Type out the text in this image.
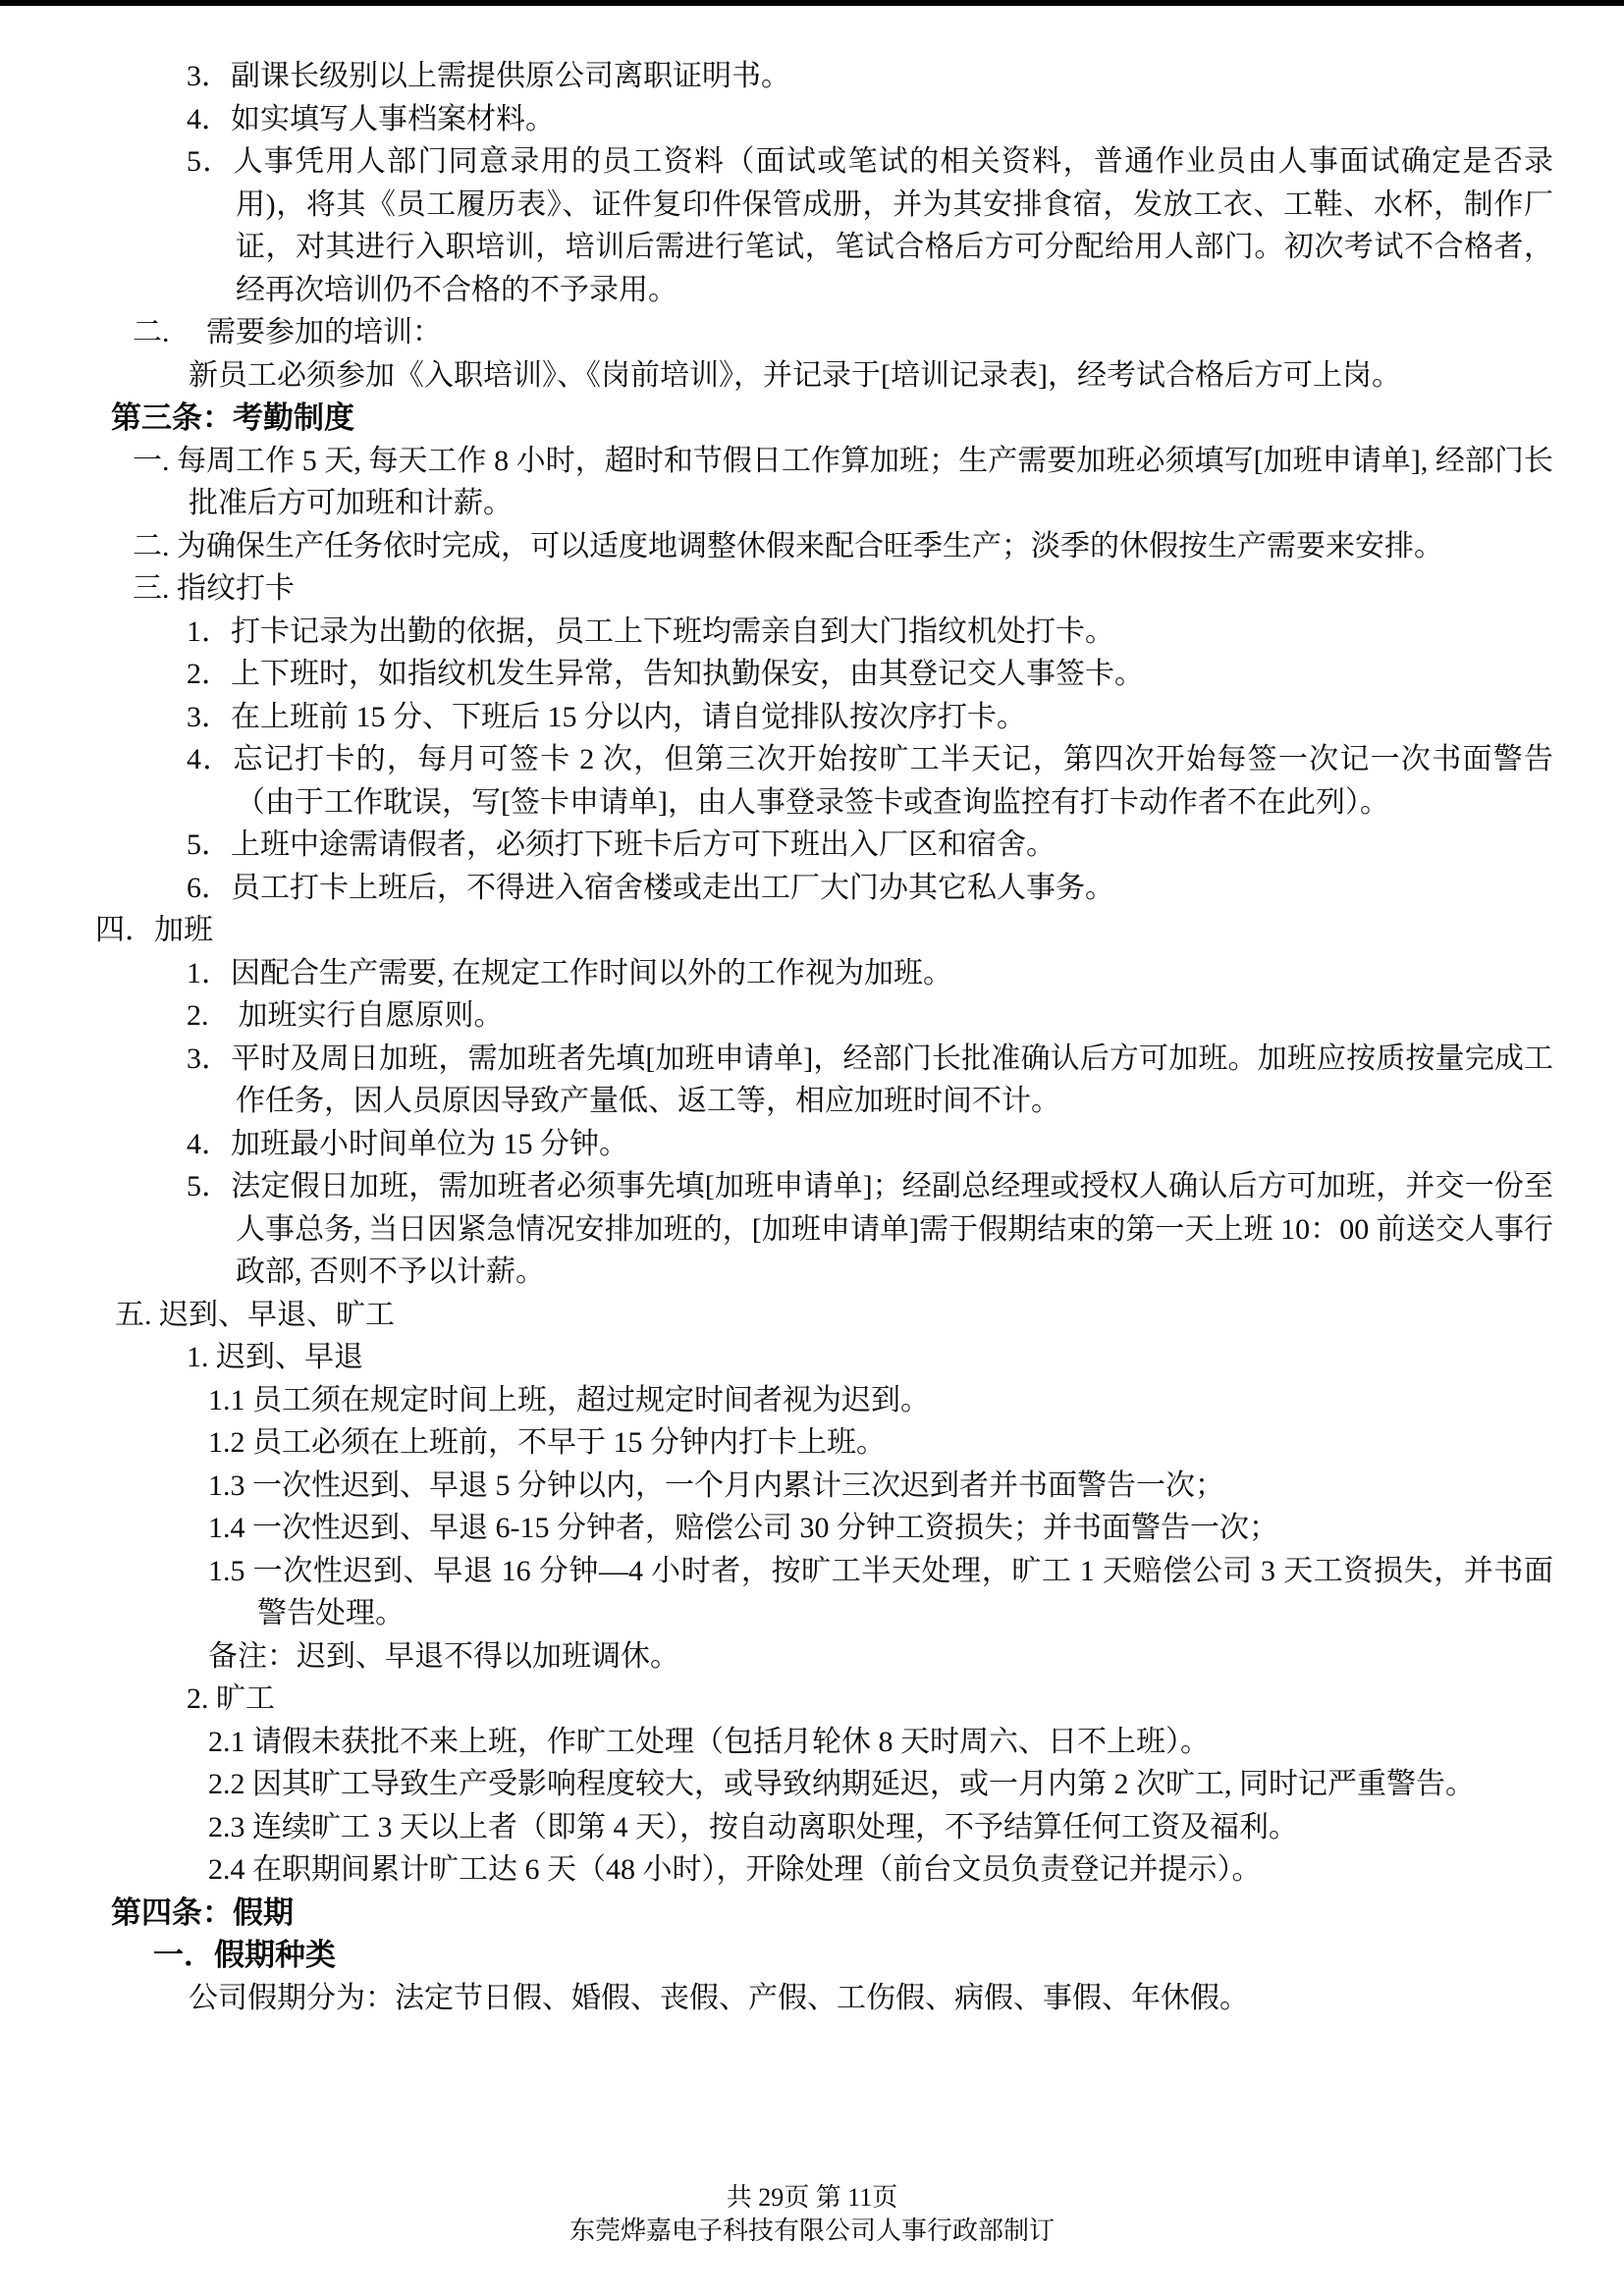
3．副课长级别以上需提供原公司离职证明书。
4．如实填写人事档案材料。
5．人事凭用人部门同意录用的员工资料（面试或笔试的相关资料，普通作业员由人事面试确定是否录用)，将其《员工履历表》、证件复印件保管成册，并为其安排食宿，发放工衣、工鞋、水杯，制作厂证，对其进行入职培训，培训后需进行笔试，笔试合格后方可分配给用人部门。初次考试不合格者，经再次培训仍不合格的不予录用。
二.　 需要参加的培训：
新员工必须参加《入职培训》、《岗前培训》，并记录于[培训记录表]，经考试合格后方可上岗。
第三条：考勤制度
一. 每周工作 5 天, 每天工作 8 小时，超时和节假日工作算加班；生产需要加班必须填写[加班申请单], 经部门长批准后方可加班和计薪。
二. 为确保生产任务依时完成，可以适度地调整休假来配合旺季生产；淡季的休假按生产需要来安排。
三. 指纹打卡
1．打卡记录为出勤的依据，员工上下班均需亲自到大门指纹机处打卡。
2．上下班时，如指纹机发生异常，告知执勤保安，由其登记交人事签卡。
3．在上班前 15 分、下班后 15 分以内，请自觉排队按次序打卡。
4．忘记打卡的，每月可签卡 2 次，但第三次开始按旷工半天记，第四次开始每签一次记一次书面警告（由于工作耽误，写[签卡申请单]，由人事登录签卡或查询监控有打卡动作者不在此列）。
5．上班中途需请假者，必须打下班卡后方可下班出入厂区和宿舍。
6．员工打卡上班后，不得进入宿舍楼或走出工厂大门办其它私人事务。
四．加班
1．因配合生产需要, 在规定工作时间以外的工作视为加班。
2.　加班实行自愿原则。
3．平时及周日加班，需加班者先填[加班申请单]，经部门长批准确认后方可加班。加班应按质按量完成工作任务，因人员原因导致产量低、返工等，相应加班时间不计。
4．加班最小时间单位为 15 分钟。
5．法定假日加班，需加班者必须事先填[加班申请单]；经副总经理或授权人确认后方可加班，并交一份至人事总务, 当日因紧急情况安排加班的，[加班申请单]需于假期结束的第一天上班 10：00 前送交人事行政部, 否则不予以计薪。
五. 迟到、早退、旷工
1. 迟到、早退
1.1 员工须在规定时间上班，超过规定时间者视为迟到。
1.2 员工必须在上班前，不早于 15 分钟内打卡上班。
1.3 一次性迟到、早退 5 分钟以内，一个月内累计三次迟到者并书面警告一次；
1.4 一次性迟到、早退 6-15 分钟者，赔偿公司 30 分钟工资损失；并书面警告一次；
1.5 一次性迟到、早退 16 分钟—4 小时者，按旷工半天处理，旷工 1 天赔偿公司 3 天工资损失，并书面警告处理。
备注：迟到、早退不得以加班调休。
2. 旷工
2.1 请假未获批不来上班，作旷工处理（包括月轮休 8 天时周六、日不上班）。
2.2 因其旷工导致生产受影响程度较大，或导致纳期延迟，或一月内第 2 次旷工, 同时记严重警告。
2.3 连续旷工 3 天以上者（即第 4 天），按自动离职处理，不予结算任何工资及福利。
2.4 在职期间累计旷工达 6 天（48 小时），开除处理（前台文员负责登记并提示）。
第四条：假期
一．假期种类
公司假期分为：法定节日假、婚假、丧假、产假、工伤假、病假、事假、年休假。
共 29页 第 11页
东莞烨嘉电子科技有限公司人事行政部制订
